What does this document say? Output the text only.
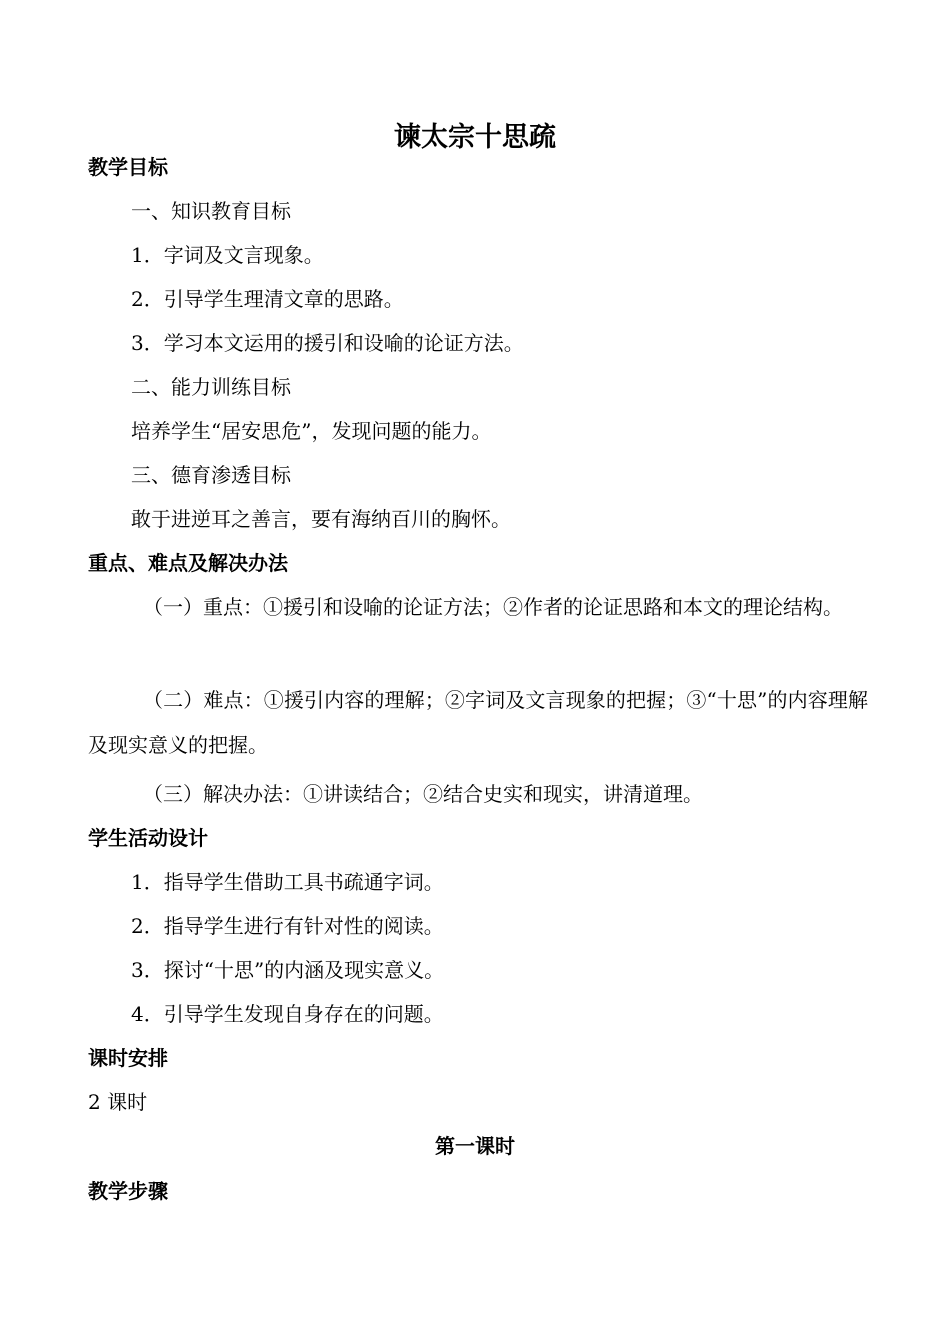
谏太宗十思疏
教学目标
一、知识教育目标
1．字词及文言现象。
2．引导学生理清文章的思路。
3．学习本文运用的援引和设喻的论证方法。
二、能力训练目标
培养学生“居安思危”，发现问题的能力。
三、德育渗透目标
敢于进逆耳之善言，要有海纳百川的胸怀。
重点、难点及解决办法
（一）重点：①援引和设喻的论证方法；②作者的论证思路和本文的理论结构。
（二）难点：①援引内容的理解；②字词及文言现象的把握；③“十思”的内容理解及现实意义的把握。
（三）解决办法：①讲读结合；②结合史实和现实，讲清道理。
学生活动设计
1．指导学生借助工具书疏通字词。
2．指导学生进行有针对性的阅读。
3．探讨“十思”的内涵及现实意义。
4．引导学生发现自身存在的问题。
课时安排
2 课时
第一课时
教学步骤
